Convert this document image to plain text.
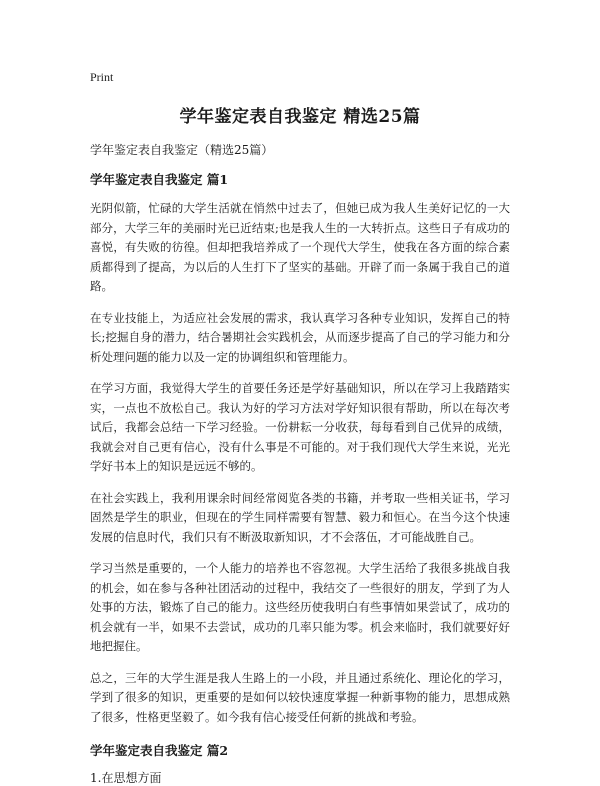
Print
学年鉴定表自我鉴定 精选25篇
学年鉴定表自我鉴定（精选25篇）
学年鉴定表自我鉴定 篇1

光阴似箭，忙碌的大学生活就在悄然中过去了，但她已成为我人生美好记忆的一大部分，大学三年的美丽时光已近结束;也是我人生的一大转折点。这些日子有成功的喜悦，有失败的彷徨。但却把我培养成了一个现代大学生，使我在各方面的综合素质都得到了提高，为以后的人生打下了坚实的基础。开辟了而一条属于我自己的道路。

在专业技能上，为适应社会发展的需求，我认真学习各种专业知识，发挥自己的特长;挖掘自身的潜力，结合暑期社会实践机会，从而逐步提高了自己的学习能力和分析处理问题的能力以及一定的协调组织和管理能力。

在学习方面，我觉得大学生的首要任务还是学好基础知识，所以在学习上我踏踏实实，一点也不放松自己。我认为好的学习方法对学好知识很有帮助，所以在每次考试后，我都会总结一下学习经验。一份耕耘一分收获，每每看到自己优异的成绩，我就会对自己更有信心，没有什么事是不可能的。对于我们现代大学生来说，光光学好书本上的知识是远远不够的。

在社会实践上，我利用课余时间经常阅览各类的书籍，并考取一些相关证书，学习固然是学生的职业，但现在的学生同样需要有智慧、毅力和恒心。在当今这个快速发展的信息时代，我们只有不断汲取新知识，才不会落伍，才可能战胜自己。

学习当然是重要的，一个人能力的培养也不容忽视。大学生活给了我很多挑战自我的机会，如在参与各种社团活动的过程中，我结交了一些很好的朋友，学到了为人处事的方法，锻炼了自己的能力。这些经历使我明白有些事情如果尝试了，成功的机会就有一半，如果不去尝试，成功的几率只能为零。机会来临时，我们就要好好地把握住。

总之，三年的大学生涯是我人生路上的一小段，并且通过系统化、理论化的学习，学到了很多的知识，更重要的是如何以较快速度掌握一种新事物的能力，思想成熟了很多，性格更坚毅了。如今我有信心接受任何新的挑战和考验。

学年鉴定表自我鉴定 篇2

1.在思想方面
